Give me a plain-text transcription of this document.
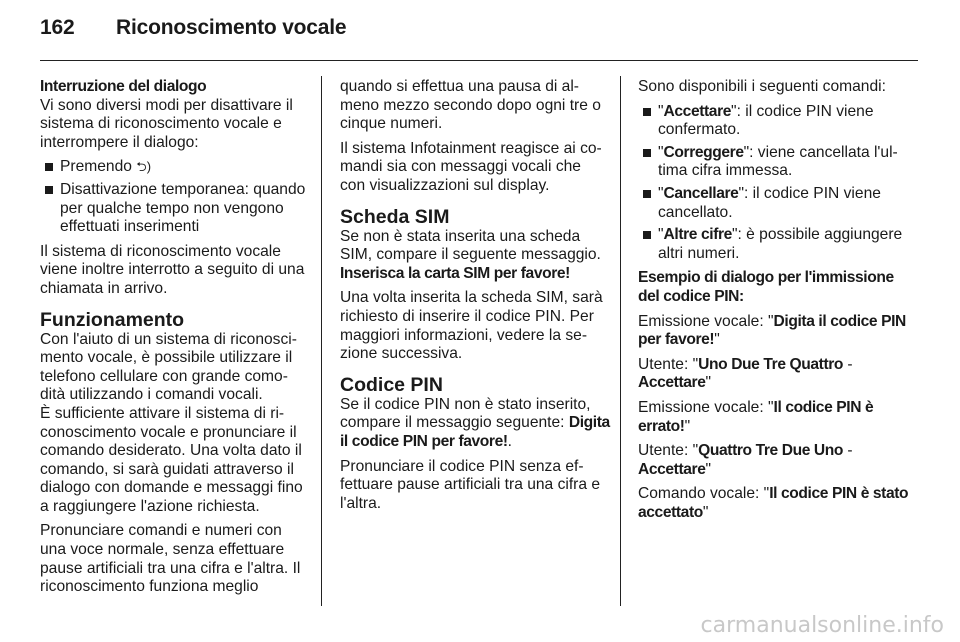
162 Riconoscimento vocale
Interruzione del dialogo

Vi sono diversi modi per disattivare il sistema di riconoscimento vocale e interrompere il dialogo:

Premendo ⮌)
Disattivazione temporanea: quando per qualche tempo non vengono effettuati inserimenti

Il sistema di riconoscimento vocale viene inoltre interrotto a seguito di una chiamata in arrivo.

Funzionamento

Con l'aiuto di un sistema di riconosci- mento vocale, è possibile utilizzare il telefono cellulare con grande como- dità utilizzando i comandi vocali.

È sufficiente attivare il sistema di ri- conoscimento vocale e pronunciare il comando desiderato. Una volta dato il comando, si sarà guidati attraverso il dialogo con domande e messaggi fino a raggiungere l'azione richiesta.

Pronunciare comandi e numeri con una voce normale, senza effettuare pause artificiali tra una cifra e l'altra. Il riconoscimento funziona meglio

quando si effettua una pausa di al- meno mezzo secondo dopo ogni tre o cinque numeri.

Il sistema Infotainment reagisce ai co- mandi sia con messaggi vocali che con visualizzazioni sul display.

Scheda SIM

Se non è stata inserita una scheda SIM, compare il seguente messaggio. Inserisca la carta SIM per favore!

Una volta inserita la scheda SIM, sarà richiesto di inserire il codice PIN. Per maggiori informazioni, vedere la se- zione successiva.

Codice PIN

Se il codice PIN non è stato inserito, compare il messaggio seguente: Digita il codice PIN per favore!.

Pronunciare il codice PIN senza ef- fettuare pause artificiali tra una cifra e l'altra.

Sono disponibili i seguenti comandi:

"Accettare": il codice PIN viene confermato.
"Correggere": viene cancellata l'ul- tima cifra immessa.
"Cancellare": il codice PIN viene cancellato.
"Altre cifre": è possibile aggiungere altri numeri.

Esempio di dialogo per l'immissione del codice PIN:

Emissione vocale: "Digita il codice PIN per favore!"

Utente: "Uno Due Tre Quattro - Accettare"

Emissione vocale: "Il codice PIN è errato!"

Utente: "Quattro Tre Due Uno - Accettare"

Comando vocale: "Il codice PIN è stato accettato"

carmanualsonline.info
